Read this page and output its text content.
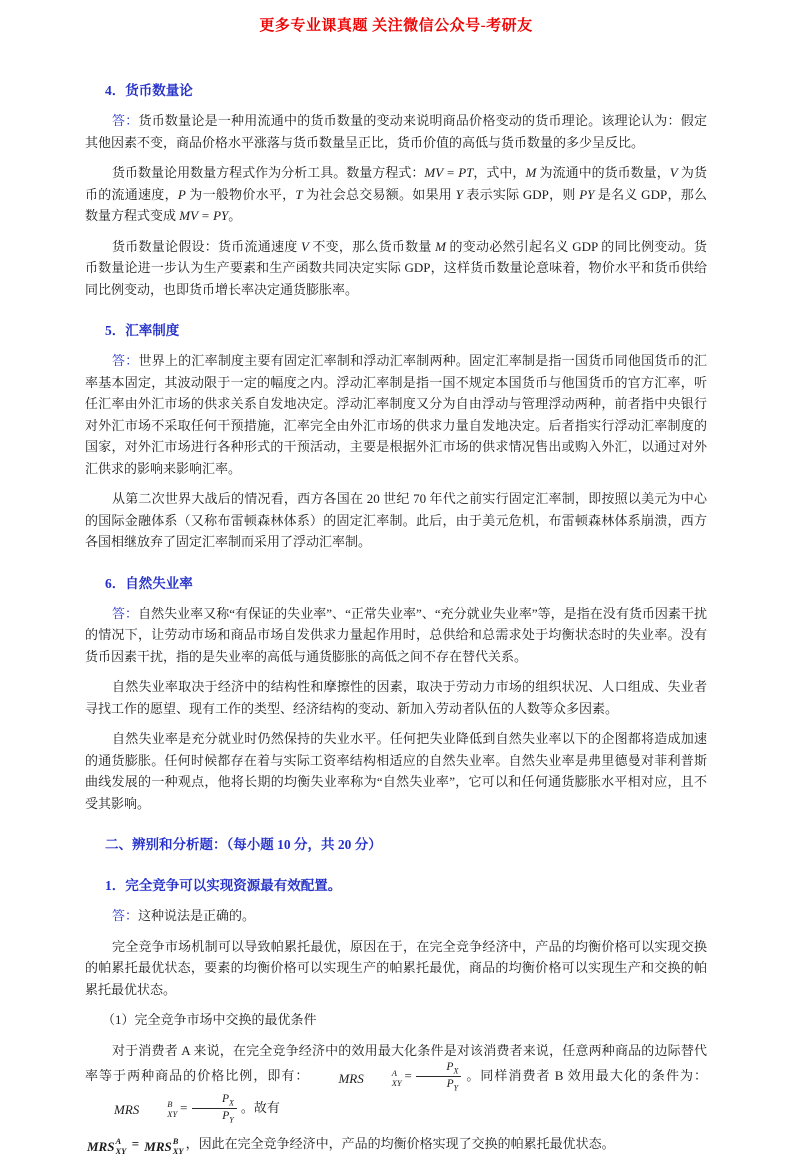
更多专业课真题 关注微信公众号-考研友
4．货币数量论

答：货币数量论是一种用流通中的货币数量的变动来说明商品价格变动的货币理论。该理论认为：假定其他因素不变，商品价格水平涨落与货币数量呈正比，货币价值的高低与货币数量的多少呈反比。

货币数量论用数量方程式作为分析工具。数量方程式：MV = PT，式中，M 为流通中的货币数量，V 为货币的流通速度，P 为一般物价水平，T 为社会总交易额。如果用 Y 表示实际 GDP，则 PY 是名义 GDP，那么数量方程式变成 MV = PY。

货币数量论假设：货币流通速度 V 不变，那么货币数量 M 的变动必然引起名义 GDP 的同比例变动。货币数量论进一步认为生产要素和生产函数共同决定实际 GDP，这样货币数量论意味着，物价水平和货币供给同比例变动，也即货币增长率决定通货膨胀率。

5．汇率制度

答：世界上的汇率制度主要有固定汇率制和浮动汇率制两种。固定汇率制是指一国货币同他国货币的汇率基本固定，其波动限于一定的幅度之内。浮动汇率制是指一国不规定本国货币与他国货币的官方汇率，听任汇率由外汇市场的供求关系自发地决定。浮动汇率制度又分为自由浮动与管理浮动两种，前者指中央银行对外汇市场不采取任何干预措施，汇率完全由外汇市场的供求力量自发地决定。后者指实行浮动汇率制度的国家，对外汇市场进行各种形式的干预活动，主要是根据外汇市场的供求情况售出或购入外汇，以通过对外汇供求的影响来影响汇率。

从第二次世界大战后的情况看，西方各国在 20 世纪 70 年代之前实行固定汇率制，即按照以美元为中心的国际金融体系（又称布雷顿森林体系）的固定汇率制。此后，由于美元危机，布雷顿森林体系崩溃，西方各国相继放弃了固定汇率制而采用了浮动汇率制。

6．自然失业率

答：自然失业率又称“有保证的失业率”、“正常失业率”、“充分就业失业率”等，是指在没有货币因素干扰的情况下，让劳动市场和商品市场自发供求力量起作用时，总供给和总需求处于均衡状态时的失业率。没有货币因素干扰，指的是失业率的高低与通货膨胀的高低之间不存在替代关系。

自然失业率取决于经济中的结构性和摩擦性的因素，取决于劳动力市场的组织状况、人口组成、失业者寻找工作的愿望、现有工作的类型、经济结构的变动、新加入劳动者队伍的人数等众多因素。

自然失业率是充分就业时仍然保持的失业水平。任何把失业降低到自然失业率以下的企图都将造成加速的通货膨胀。任何时候都存在着与实际工资率结构相适应的自然失业率。自然失业率是弗里德曼对菲利普斯曲线发展的一种观点，他将长期的均衡失业率称为“自然失业率”，它可以和任何通货膨胀水平相对应，且不受其影响。

二、辨别和分析题：（每小题 10 分，共 20 分）
1．完全竞争可以实现资源最有效配置。

答：这种说法是正确的。

完全竞争市场机制可以导致帕累托最优，原因在于，在完全竞争经济中，产品的均衡价格可以实现交换的帕累托最优状态，要素的均衡价格可以实现生产的帕累托最优，商品的均衡价格可以实现生产和交换的帕累托最优状态。

（1）完全竞争市场中交换的最优条件

对于消费者 A 来说，在完全竞争经济中的效用最大化条件是对该消费者来说，任意两种商品的边际替代率等于两种商品的价格比例，即有：	MRS	A
XY = $\frac{P_X}{P_Y}$ 。同样消费者 B 效用最大化的条件为：
MRS	B
XY = $\frac{P_X}{P_Y}$ 。故有

MRS A
XY = MRS B
XY ，因此在完全竞争经济中，产品的均衡价格实现了交换的帕累托最优状态。
